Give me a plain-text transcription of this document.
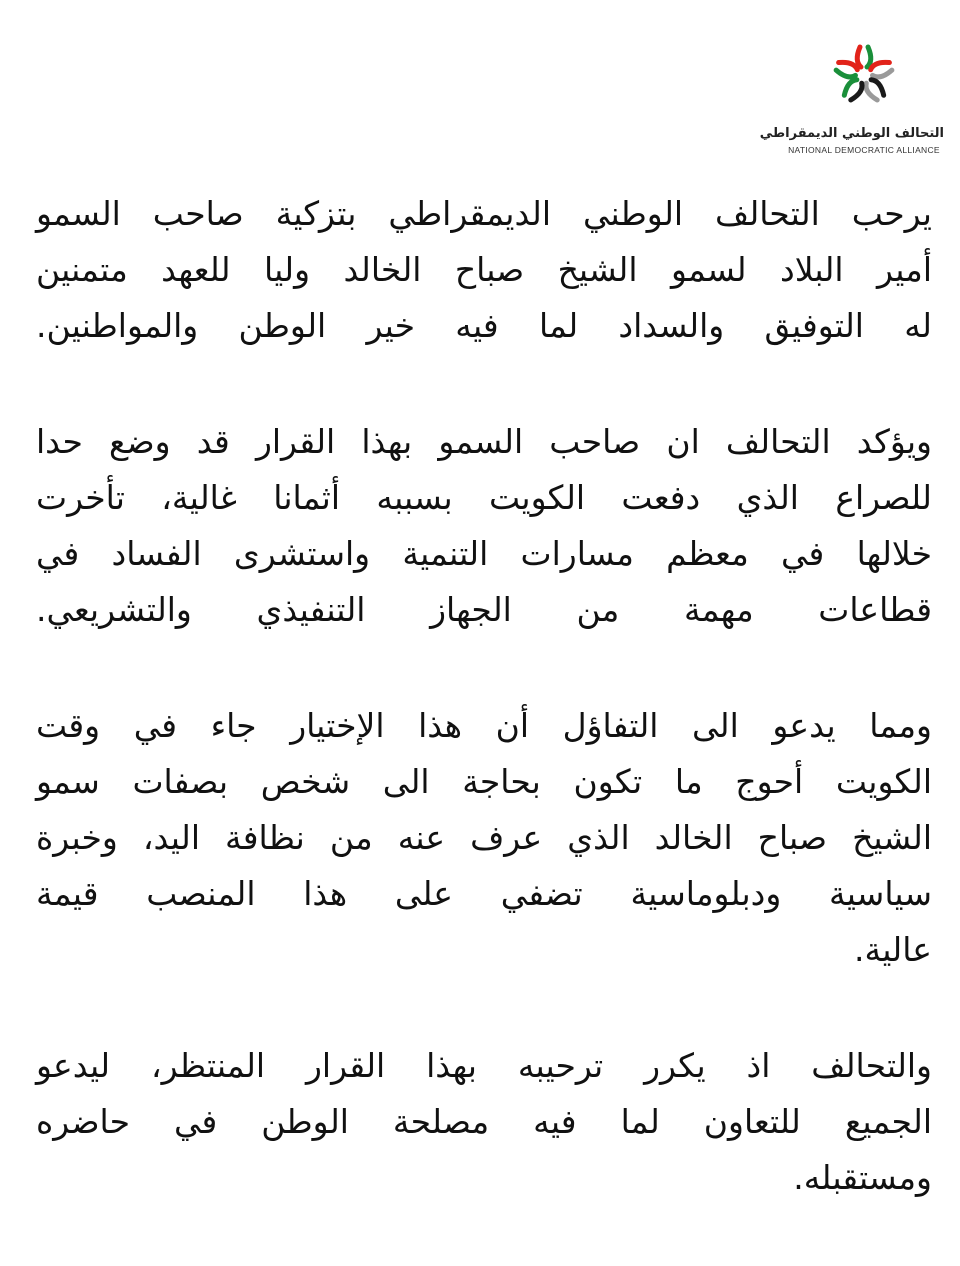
التحالف الوطني الديمقراطي
NATIONAL DEMOCRATIC ALLIANCE
يرحب التحالف الوطني الديمقراطي بتزكية صاحب السمو
أمير البلاد لسمو الشيخ صباح الخالد وليا للعهد متمنين
له التوفيق والسداد لما فيه خير الوطن والمواطنين.
ويؤكد التحالف ان صاحب السمو بهذا القرار قد وضع حدا
للصراع الذي دفعت الكويت بسببه أثمانا غالية، تأخرت
خلالها في معظم مسارات التنمية واستشرى الفساد في
قطاعات مهمة من الجهاز التنفيذي والتشريعي.
ومما يدعو الى التفاؤل أن هذا الإختيار جاء في وقت
الكويت أحوج ما تكون بحاجة الى شخص بصفات سمو
الشيخ صباح الخالد الذي عرف عنه من نظافة اليد، وخبرة
سياسية ودبلوماسية تضفي على هذا المنصب قيمة
عالية.
والتحالف اذ يكرر ترحيبه بهذا القرار المنتظر، ليدعو
الجميع للتعاون لما فيه مصلحة الوطن في حاضره
ومستقبله.
